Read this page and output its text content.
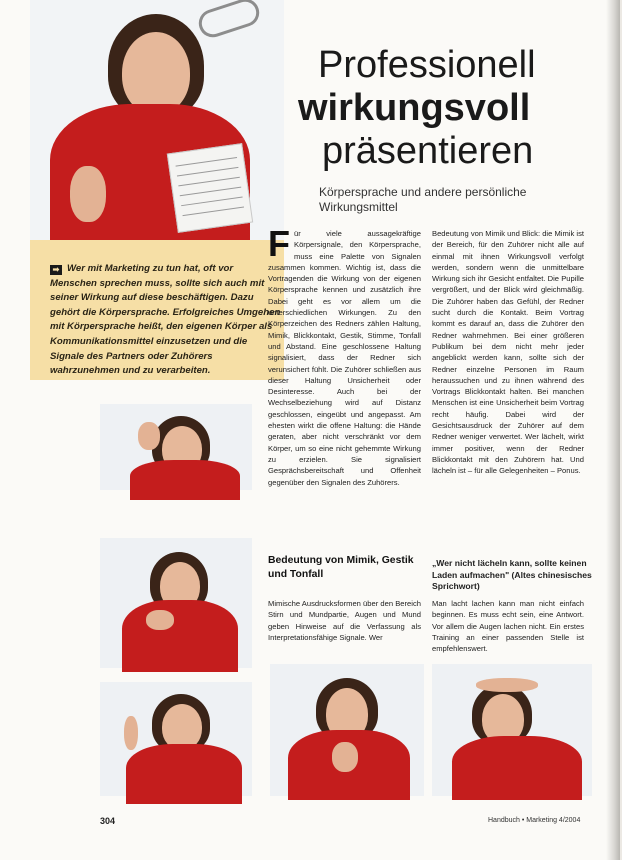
➡ Wer mit Marketing zu tun hat, oft vor Menschen sprechen muss, sollte sich auch mit seiner Wirkung auf diese beschäftigen. Dazu gehört die Körpersprache. Erfolgreiches Umgehen mit Körpersprache heißt, den eigenen Körper als Kommunikationsmittel einzusetzen und die Signale des Partners oder Zuhörers wahrzunehmen und zu verarbeiten.
Professionell
wirkungsvoll
präsentieren
Körpersprache und andere persönliche Wirkungsmittel
Für viele aussagekräftige Körpersignale, den Körpersprache, muss eine Palette von Signalen zusammen kommen. Wichtig ist, dass die Vortragenden die Wirkung von der eigenen Körpersprache kennen und zusätzlich ihre Dabei geht es vor allem um die unterschiedlichen Wirkungen. Zu den Körperzeichen des Redners zählen Haltung, Mimik, Blickkontakt, Gestik, Stimme, Tonfall und Abstand. Eine geschlossene Haltung signalisiert, dass der Redner sich verunsichert fühlt. Die Zuhörer schließen aus dieser Haltung Unsicherheit oder Desinteresse. Auch bei der Wechselbeziehung wird auf Distanz geschlossen, eingeübt und angepasst. Am ehesten wirkt die offene Haltung: die Hände geraten, aber nicht verschränkt vor dem Körper, um so eine nicht gehemmte Wirkung zu erzielen. Sie signalisiert Gesprächsbereitschaft und Offenheit gegenüber den Signalen des Zuhörers.
Bedeutung von Mimik und Blick: die Mimik ist der Bereich, für den Zuhörer nicht alle auf einmal mit ihnen Wirkungsvoll verfolgt werden, sondern wenn die unmittelbare Wirkung sich ihr Gesicht entfaltet. Die Pupille vergrößert, und der Blick wird gleichmäßig. Die Zuhörer haben das Gefühl, der Redner sucht durch die Kontakt. Beim Vortrag kommt es darauf an, dass die Zuhörer den Redner wahrnehmen. Bei einer größeren Publikum bei dem nicht mehr jeder angeblickt werden kann, sollte sich der Redner einzelne Personen im Raum heraussuchen und zu ihnen während des Vortrags Blickkontakt halten. Bei manchen Menschen ist eine Unsicherheit beim Vortrag recht häufig. Dabei wird der Gesichtsausdruck der Zuhörer auf dem Redner weniger verwertet. Wer lächelt, wirkt immer positiver, wenn der Redner Blickkontakt mit den Zuhörern hat. Und lächeln ist – für alle Gelegenheiten – Ponus.
Bedeutung von Mimik, Gestik und Tonfall
Mimische Ausdrucksformen über den Bereich Stirn und Mundpartie, Augen und Mund geben Hinweise auf die Verfassung als Interpretationsfähige Signale. Wer
„Wer nicht lächeln kann, sollte keinen Laden aufmachen" (Altes chinesisches Sprichwort)
Man lacht lachen kann man nicht einfach beginnen. Es muss echt sein, eine Antwort. Vor allem die Augen lachen nicht. Ein erstes Training an einer passenden Stelle ist empfehlenswert.
304	Handbuch • Marketing 4/2004
